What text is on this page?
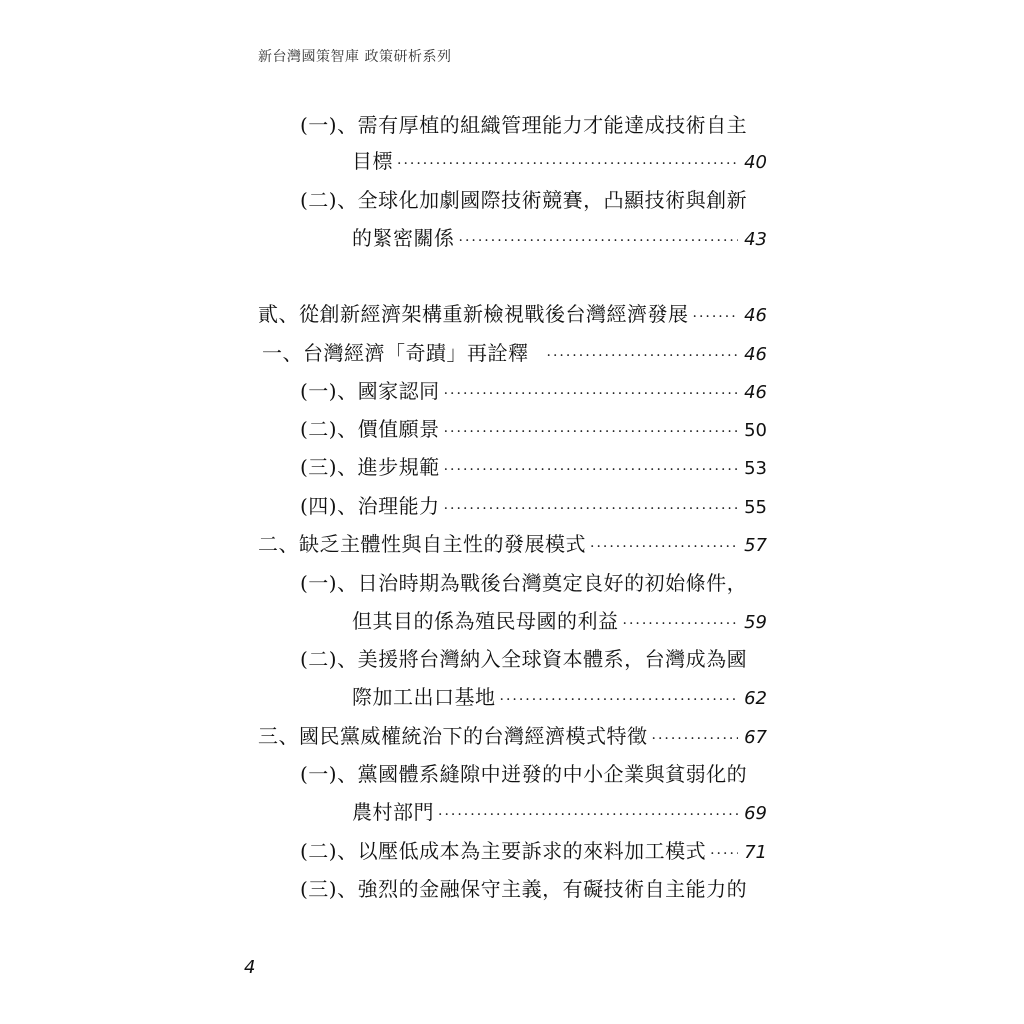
新台灣國策智庫 政策研析系列
(一)、需有厚植的組織管理能力才能達成技術自主
目標 ·····	40
(二)、全球化加劇國際技術競賽，凸顯技術與創新
的緊密關係 ·····	43
貳、從創新經濟架構重新檢視戰後台灣經濟發展 ·····	46
一、台灣經濟「奇蹟」再詮釋 ·····	46
(一)、國家認同 ·····	46
(二)、價值願景 ·····	50
(三)、進步規範 ·····	53
(四)、治理能力 ·····	55
二、缺乏主體性與自主性的發展模式 ·····	57
(一)、日治時期為戰後台灣奠定良好的初始條件，
但其目的係為殖民母國的利益 ·····	59
(二)、美援將台灣納入全球資本體系，台灣成為國
際加工出口基地 ·····	62
三、國民黨威權統治下的台灣經濟模式特徵 ·····	67
(一)、黨國體系縫隙中迸發的中小企業與貧弱化的
農村部門 ·····	69
(二)、以壓低成本為主要訴求的來料加工模式 ····· 71
(三)、強烈的金融保守主義，有礙技術自主能力的
4
